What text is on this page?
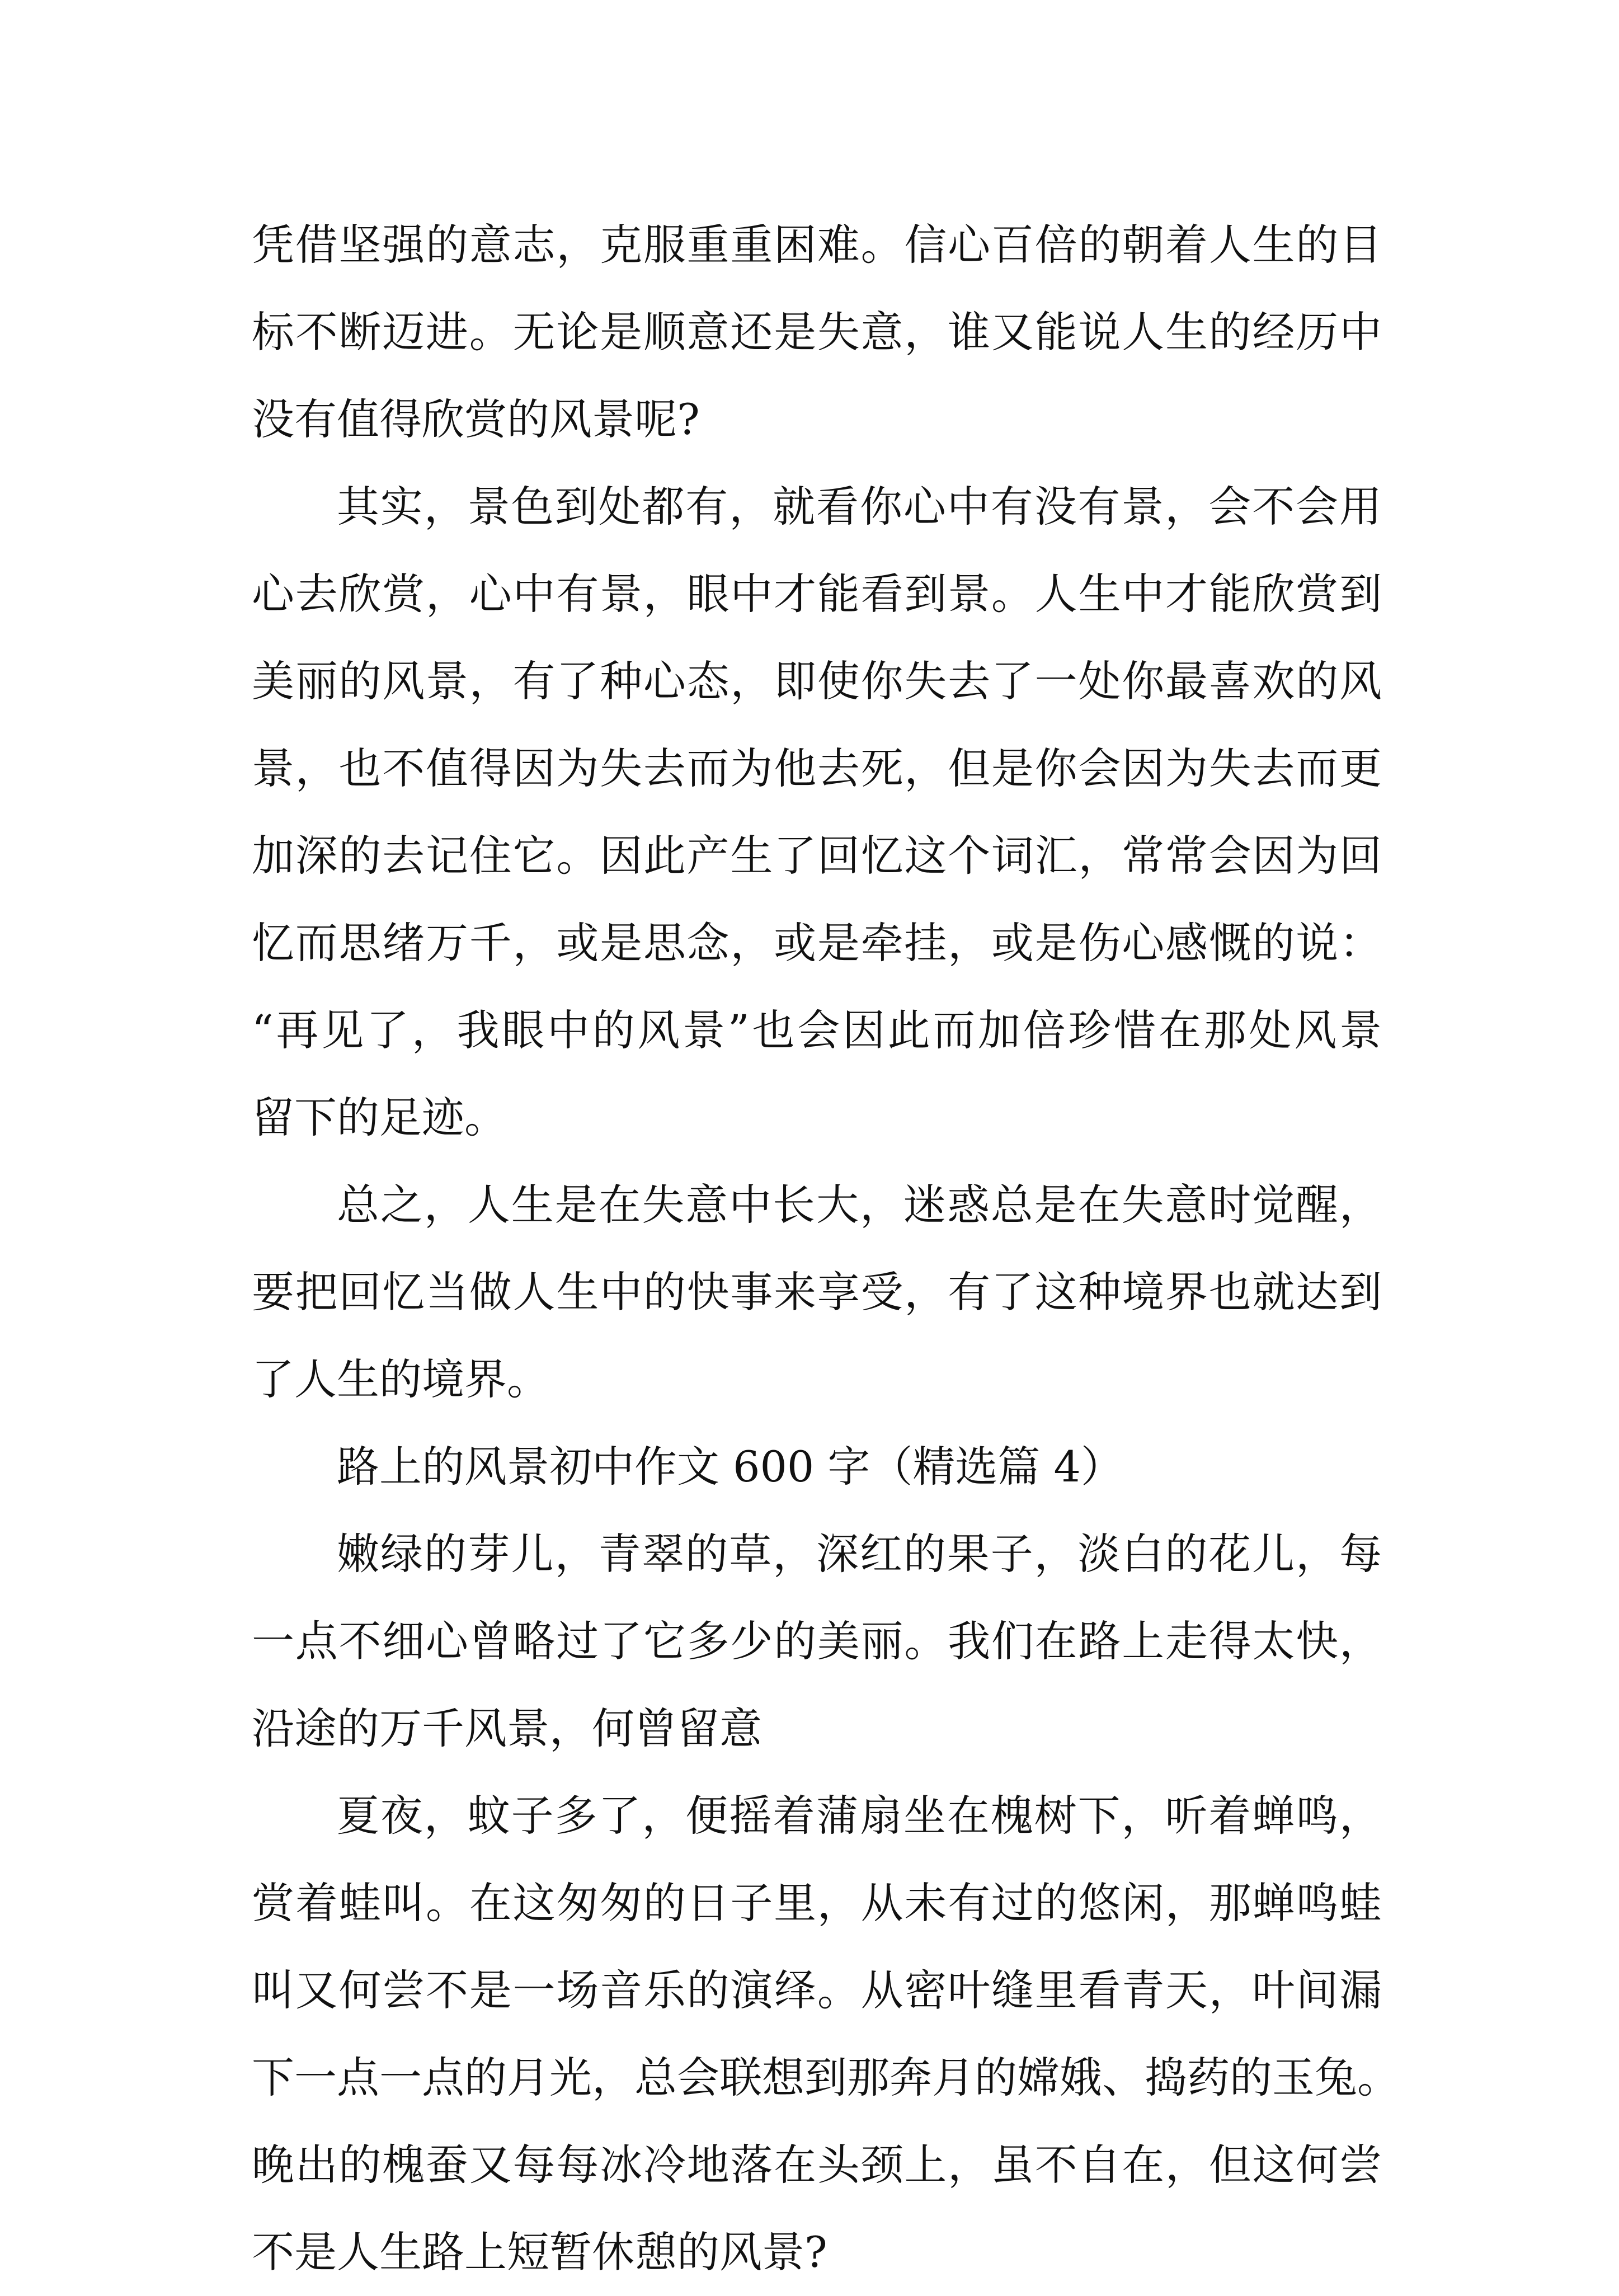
凭借坚强的意志，克服重重困难。信心百倍的朝着人生的目
标不断迈进。无论是顺意还是失意，谁又能说人生的经历中
没有值得欣赏的风景呢?
其实，景色到处都有，就看你心中有没有景，会不会用
心去欣赏，心中有景，眼中才能看到景。人生中才能欣赏到
美丽的风景，有了种心态，即使你失去了一处你最喜欢的风
景，也不值得因为失去而为他去死，但是你会因为失去而更
加深的去记住它。因此产生了回忆这个词汇，常常会因为回
忆而思绪万千，或是思念，或是牵挂，或是伤心感慨的说：
“再见了，我眼中的风景”也会因此而加倍珍惜在那处风景
留下的足迹。
总之，人生是在失意中长大，迷惑总是在失意时觉醒，
要把回忆当做人生中的快事来享受，有了这种境界也就达到
了人生的境界。
路上的风景初中作文 600 字（精选篇 4）
嫩绿的芽儿，青翠的草，深红的果子，淡白的花儿，每
一点不细心曾略过了它多少的美丽。我们在路上走得太快，
沿途的万千风景，何曾留意
夏夜，蚊子多了，便摇着蒲扇坐在槐树下，听着蝉鸣，
赏着蛙叫。在这匆匆的日子里，从未有过的悠闲，那蝉鸣蛙
叫又何尝不是一场音乐的演绎。从密叶缝里看青天，叶间漏
下一点一点的月光，总会联想到那奔月的嫦娥、捣药的玉兔。
晚出的槐蚕又每每冰冷地落在头颈上，虽不自在，但这何尝
不是人生路上短暂休憩的风景?
